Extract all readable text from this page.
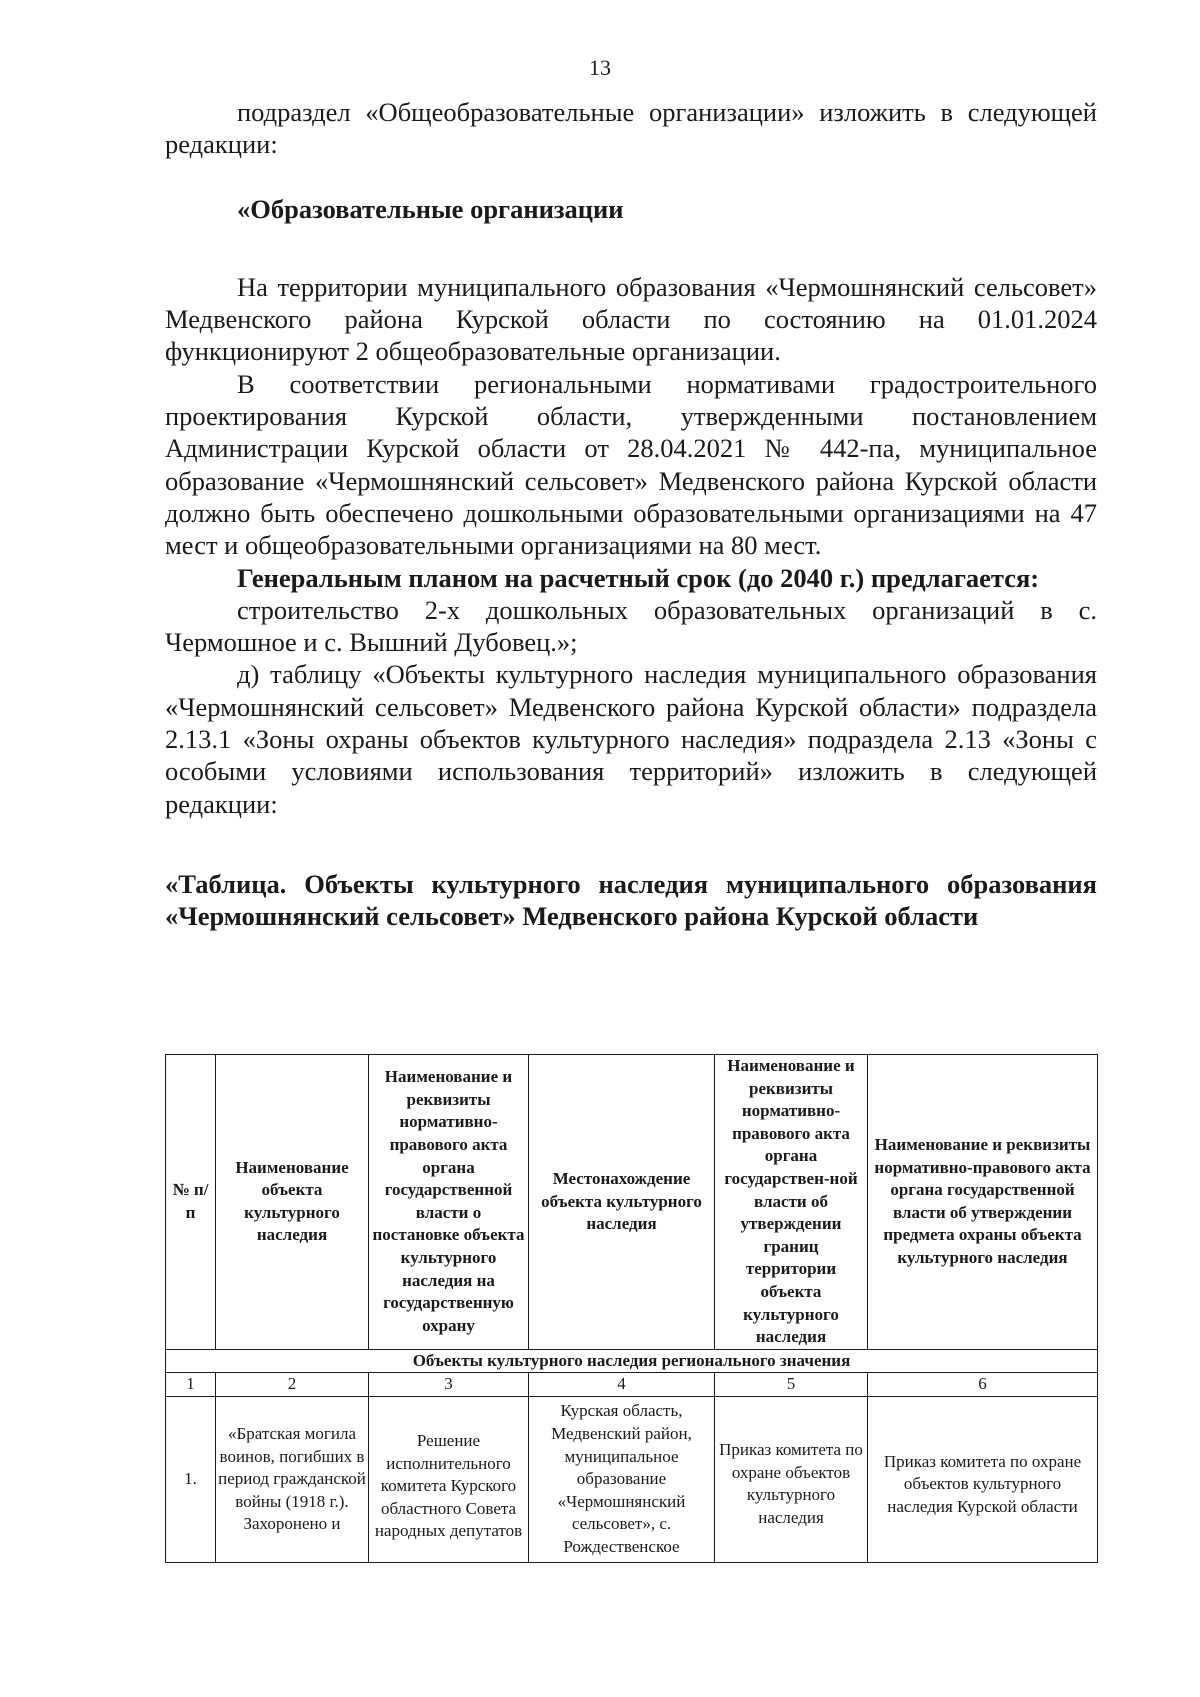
13

подраздел «Общеобразовательные организации» изложить в следующей редакции:

«Образовательные организации

На территории муниципального образования «Чермошнянский сельсовет» Медвенского района Курской области по состоянию на 01.01.2024 функционируют 2 общеобразовательные организации.

В соответствии региональными нормативами градостроительного проектирования Курской области, утвержденными постановлением Администрации Курской области от 28.04.2021 № 442-па, муниципальное образование «Чермошнянский сельсовет» Медвенского района Курской области должно быть обеспечено дошкольными образовательными организациями на 47 мест и общеобразовательными организациями на 80 мест.

Генеральным планом на расчетный срок (до 2040 г.) предлагается:

строительство 2-х дошкольных образовательных организаций в с. Чермошное и с. Вышний Дубовец.»;

д) таблицу «Объекты культурного наследия муниципального образования «Чермошнянский сельсовет» Медвенского района Курской области» подраздела 2.13.1 «Зоны охраны объектов культурного наследия» подраздела 2.13 «Зоны с особыми условиями использования территорий» изложить в следующей редакции:

«Таблица. Объекты культурного наследия муниципального образования «Чермошнянский сельсовет» Медвенского района Курской области

№ п/п	Наименование объекта культурного наследия	Наименование и реквизиты нормативно-правового акта органа государственной власти о постановке объекта культурного наследия на государственную охрану	Местонахождение объекта культурного наследия	Наименование и реквизиты нормативно-правового акта органа государствен-ной власти об утверждении границ территории объекта культурного наследия	Наименование и реквизиты нормативно-правового акта органа государственной власти об утверждении предмета охраны объекта культурного наследия
Объекты культурного наследия регионального значения					
1	2	3	4	5	6
1.	«Братская могила воинов, погибших в период гражданской войны (1918 г.). Захоронено и	Решение исполнительного комитета Курского областного Совета народных депутатов	Курская область, Медвенский район, муниципальное образование «Чермошнянский сельсовет», с. Рождественское	Приказ комитета по охране объектов культурного наследия	Приказ комитета по охране объектов культурного наследия Курской области
